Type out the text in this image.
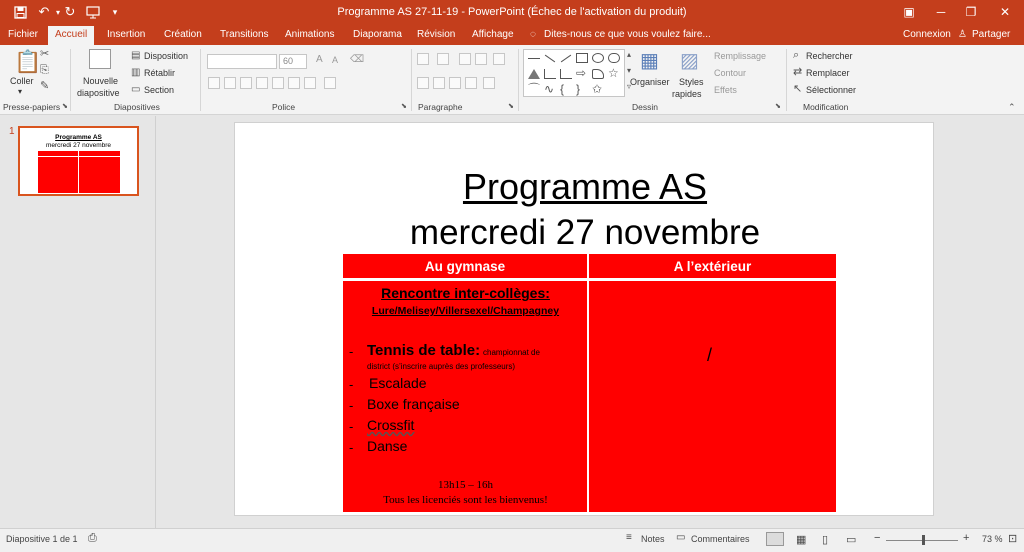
↶ ▾ ↻	▾	Programme AS 27-11-19 - PowerPoint (Échec de l'activation du produit)	▣	─	❐	✕
Fichier	Accueil	Insertion Création Transitions Animations Diaporama Révision Affichage ◌ Dites-nous ce que vous voulez faire...	Connexion ♙ Partager
📋
Coller
▾
✂
⎘
✎
Presse-papiers ⬊
Nouvelle
diapositive
▤ Disposition
▥ Rétablir
▭ Section
Diapositives
60	A A ⌫
Police	⬊ Paragraphe	⬊
⇨ ☆
⌒ ∿ { } ✩
▴
▾
▿
▦
Organiser
▨
Styles
rapides
Remplissage
Contour
Effets
Dessin	⬊
⌕ Rechercher
⇄ Remplacer
↖ Sélectionner
Modification	⌃
1
Programme AS
mercredi 27 novembre
Programme AS
mercredi 27 novembre
Au gymnase	A l’extérieur
Rencontre inter-collèges:
Lure/Melisey/Villersexel/Champagney
- Tennis de table: championnat de
district (s’inscrire auprès des professeurs)
- Escalade
- Boxe française
- Crossfit
- Danse
13h15 – 16h
Tous les licenciés sont les bienvenus!
/
Diapositive 1 de 1 ⎙	≡ Notes ▭ Commentaires	▦ ▯ ▭ −	+ 73 % ⊡
